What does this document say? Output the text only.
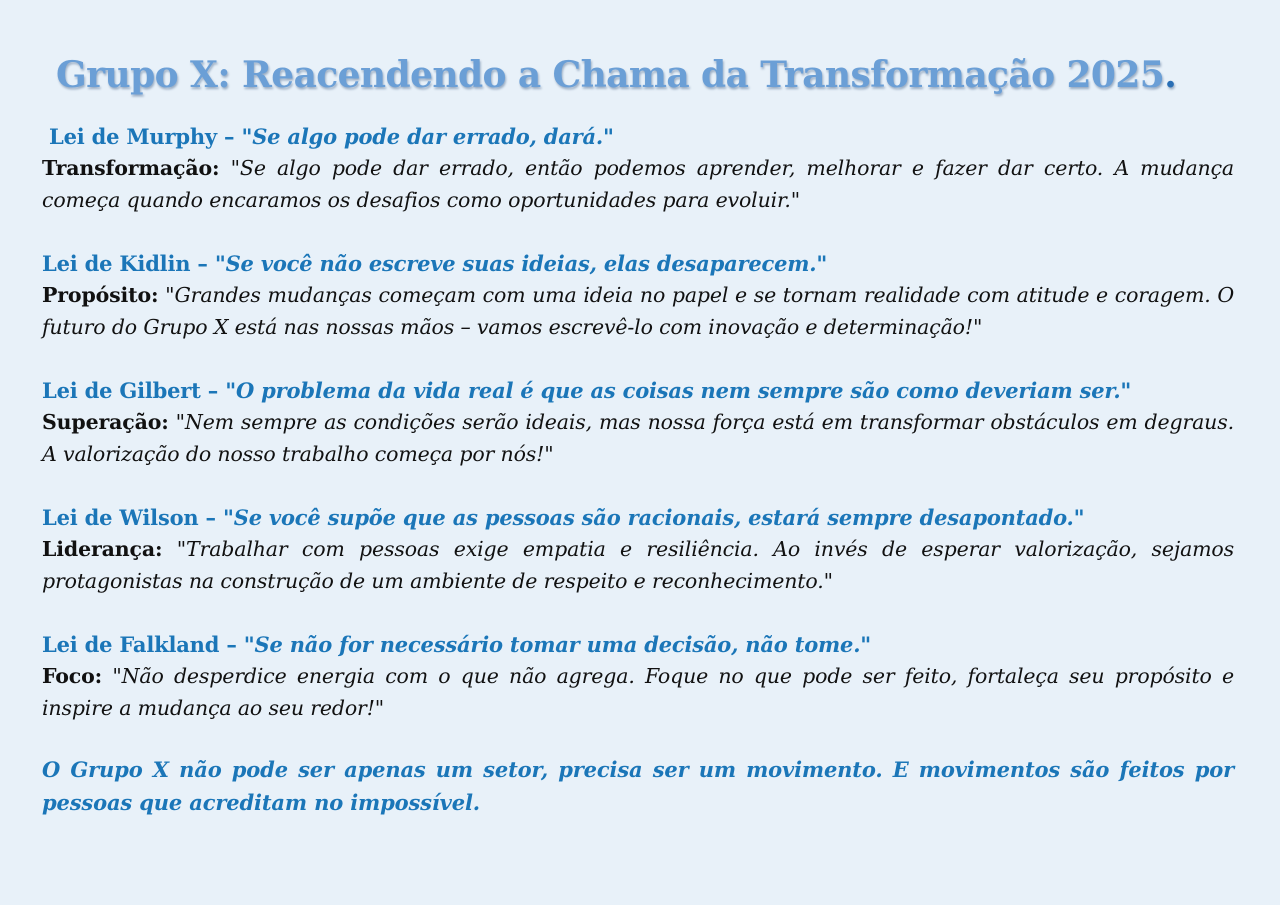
Grupo X: Reacendendo a Chama da Transformação 2025.
Lei de Murphy – "Se algo pode dar errado, dará."
Transformação: "Se algo pode dar errado, então podemos aprender, melhorar e fazer dar certo. A mudança começa quando encaramos os desafios como oportunidades para evoluir."
Lei de Kidlin – "Se você não escreve suas ideias, elas desaparecem."
Propósito: "Grandes mudanças começam com uma ideia no papel e se tornam realidade com atitude e coragem. O futuro do Grupo X está nas nossas mãos – vamos escrevê-lo com inovação e determinação!"
Lei de Gilbert – "O problema da vida real é que as coisas nem sempre são como deveriam ser."
Superação: "Nem sempre as condições serão ideais, mas nossa força está em transformar obstáculos em degraus. A valorização do nosso trabalho começa por nós!"
Lei de Wilson – "Se você supõe que as pessoas são racionais, estará sempre desapontado."
Liderança: "Trabalhar com pessoas exige empatia e resiliência. Ao invés de esperar valorização, sejamos protagonistas na construção de um ambiente de respeito e reconhecimento."
Lei de Falkland – "Se não for necessário tomar uma decisão, não tome."
Foco: "Não desperdice energia com o que não agrega. Foque no que pode ser feito, fortaleça seu propósito e inspire a mudança ao seu redor!"
O Grupo X não pode ser apenas um setor, precisa ser um movimento. E movimentos são feitos por pessoas que acreditam no impossível.
